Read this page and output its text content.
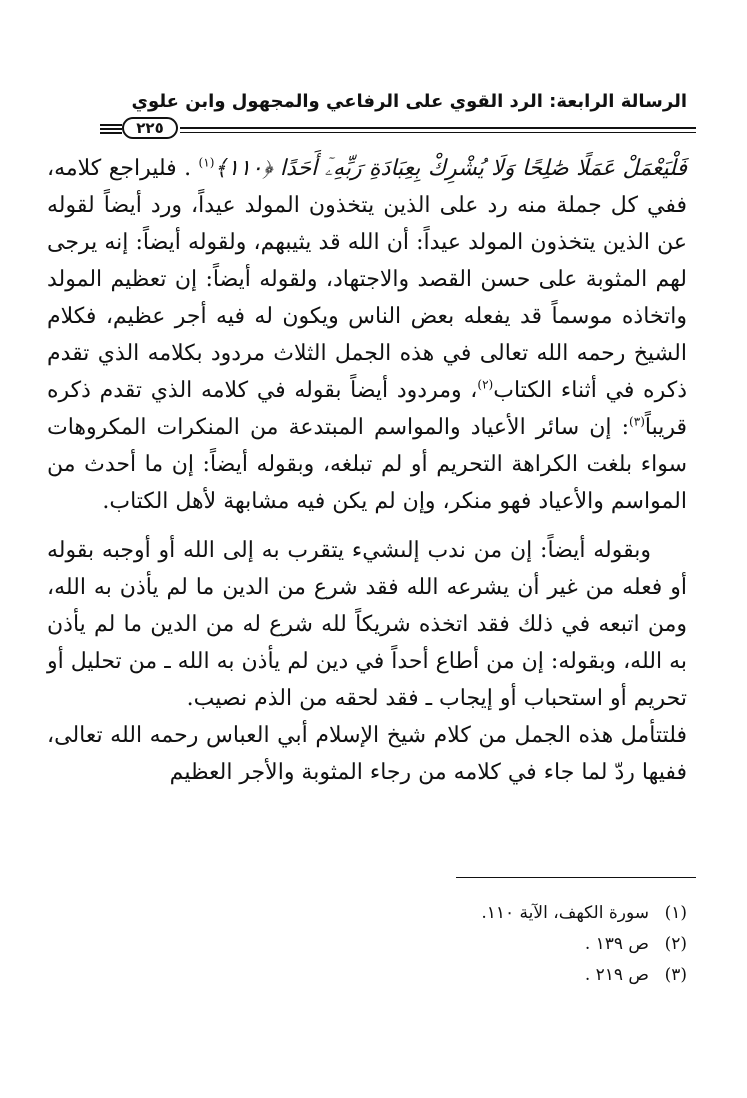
الرسالة الرابعة: الرد القوي على الرفاعي والمجهول وابن علوي
٢٢٥

فَلْيَعْمَلْ عَمَلًا صَٰلِحًا وَلَا يُشْرِكْ بِعِبَادَةِ رَبِّهِۦٓ أَحَدًا ﴿١١٠﴾$^{(١)}$ . فليراجع كلامه، ففي كل جملة منه رد على الذين يتخذون المولد عيداً، ورد أيضاً لقوله عن الذين يتخذون المولد عيداً: أن الله قد يثيبهم، ولقوله أيضاً: إنه يرجى لهم المثوبة على حسن القصد والاجتهاد، ولقوله أيضاً: إن تعظيم المولد واتخاذه موسماً قد يفعله بعض الناس ويكون له فيه أجر عظيم، فكلام الشيخ رحمه الله تعالى في هذه الجمل الثلاث مردود بكلامه الذي تقدم ذكره في أثناء الكتاب$^{(٢)}$، ومردود أيضاً بقوله في كلامه الذي تقدم ذكره قريباً$^{(٣)}$: إن سائر الأعياد والمواسم المبتدعة من المنكرات المكروهات سواء بلغت الكراهة التحريم أو لم تبلغه، وبقوله أيضاً: إن ما أحدث من المواسم والأعياد فهو منكر، وإن لم يكن فيه مشابهة لأهل الكتاب.

وبقوله أيضاً: إن من ندب إلىشيء يتقرب به إلى الله أو أوجبه بقوله أو فعله من غير أن يشرعه الله فقد شرع من الدين ما لم يأذن به الله، ومن اتبعه في ذلك فقد اتخذه شريكاً لله شرع له من الدين ما لم يأذن به الله، وبقوله: إن من أطاع أحداً في دين لم يأذن به الله ـ من تحليل أو تحريم أو استحباب أو إيجاب ـ فقد لحقه من الذم نصيب.

فلتتأمل هذه الجمل من كلام شيخ الإسلام أبي العباس رحمه الله تعالى، ففيها ردّ لما جاء في كلامه من رجاء المثوبة والأجر العظيم

(١)سورة الكهف، الآية ١١٠.
(٢)ص ١٣٩ .
(٣)ص ٢١٩ .
